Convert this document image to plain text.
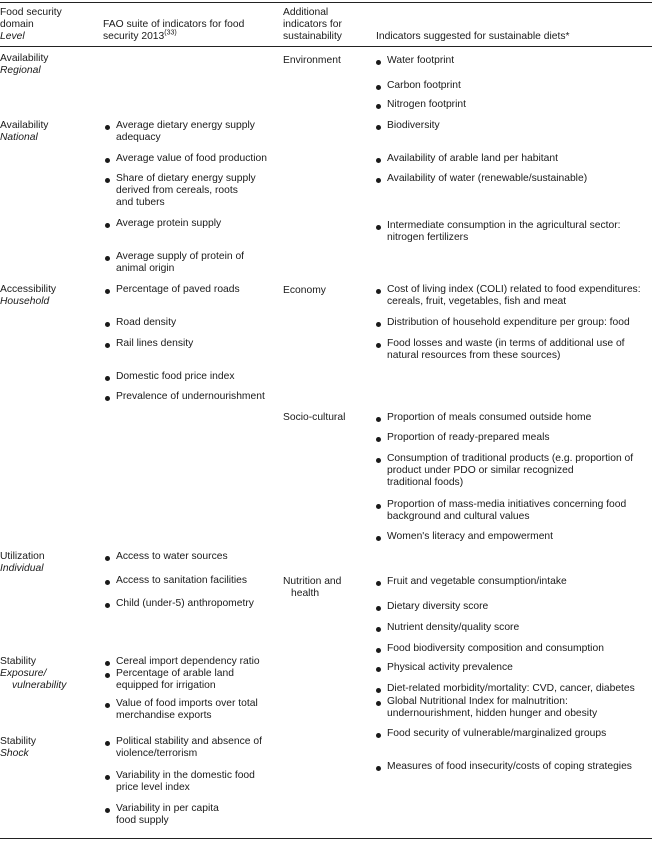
Food security
domain
Level
FAO suite of indicators for food
security 2013$^{(33)}$
Additional
indicators for
sustainability	Indicators suggested for sustainable diets*
Availability
Regional
Availability
National
Accessibility
Household
Utilization
Individual
Stability
Exposure/
vulnerability
Stability
Shock
Average dietary energy supply
adequacy
Average value of food production
Share of dietary energy supply
derived from cereals, roots
and tubers
Average protein supply
Average supply of protein of
animal origin
Percentage of paved roads
Road density
Rail lines density
Domestic food price index
Prevalence of undernourishment
Access to water sources
Access to sanitation facilities
Child (under-5) anthropometry
Cereal import dependency ratio
Percentage of arable land
equipped for irrigation
Value of food imports over total
merchandise exports
Political stability and absence of
violence/terrorism
Variability in the domestic food
price level index
Variability in per capita
food supply
Environment
Economy
Socio-cultural
Nutrition and
health
Water footprint
Carbon footprint
Nitrogen footprint
Biodiversity
Availability of arable land per habitant
Availability of water (renewable/sustainable)
Intermediate consumption in the agricultural sector:
nitrogen fertilizers
Cost of living index (COLI) related to food expenditures:
cereals, fruit, vegetables, fish and meat
Distribution of household expenditure per group: food
Food losses and waste (in terms of additional use of
natural resources from these sources)
Proportion of meals consumed outside home
Proportion of ready-prepared meals
Consumption of traditional products (e.g. proportion of
product under PDO or similar recognized
traditional foods)
Proportion of mass-media initiatives concerning food
background and cultural values
Women's literacy and empowerment
Fruit and vegetable consumption/intake
Dietary diversity score
Nutrient density/quality score
Food biodiversity composition and consumption
Physical activity prevalence
Diet-related morbidity/mortality: CVD, cancer, diabetes
Global Nutritional Index for malnutrition:
undernourishment, hidden hunger and obesity
Food security of vulnerable/marginalized groups
Measures of food insecurity/costs of coping strategies
